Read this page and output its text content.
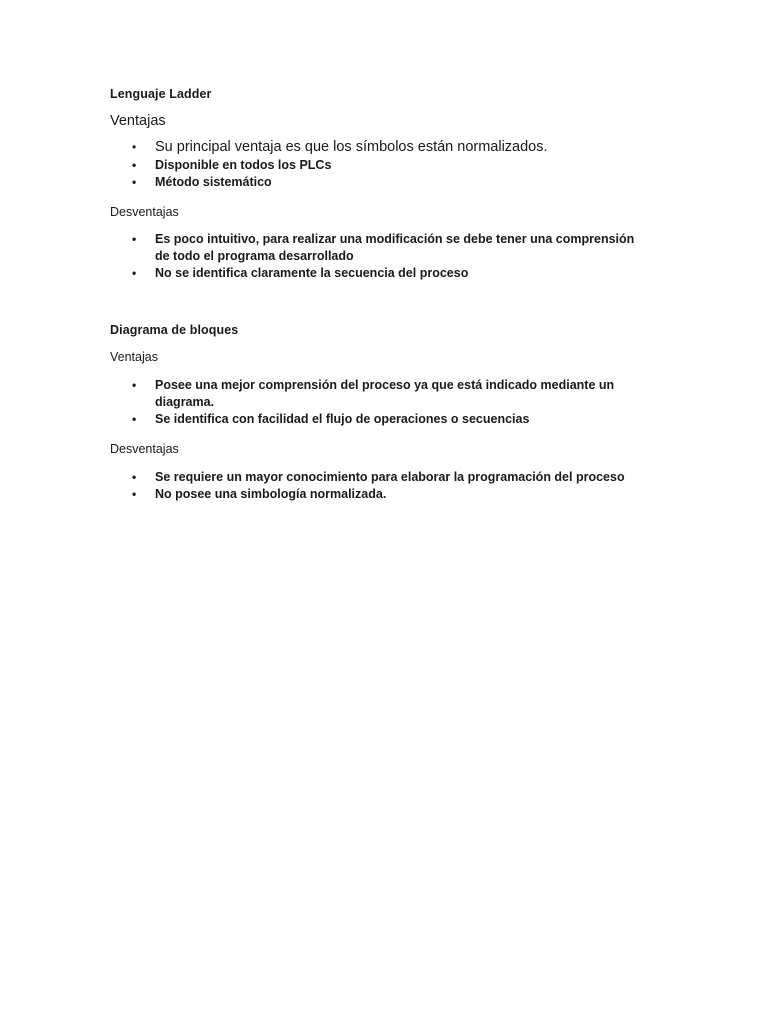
Lenguaje Ladder
Ventajas
• Su principal ventaja es que los símbolos están normalizados.
• Disponible en todos los PLCs
• Método sistemático
Desventajas
• Es poco intuitivo, para realizar una modificación se debe tener una comprensión de todo el programa desarrollado
• No se identifica claramente la secuencia del proceso
Diagrama de bloques
Ventajas
• Posee una mejor comprensión del proceso ya que está indicado mediante un diagrama.
• Se identifica con facilidad el flujo de operaciones o secuencias
Desventajas
• Se requiere un mayor conocimiento para elaborar la programación del proceso
• No posee una simbología normalizada.
